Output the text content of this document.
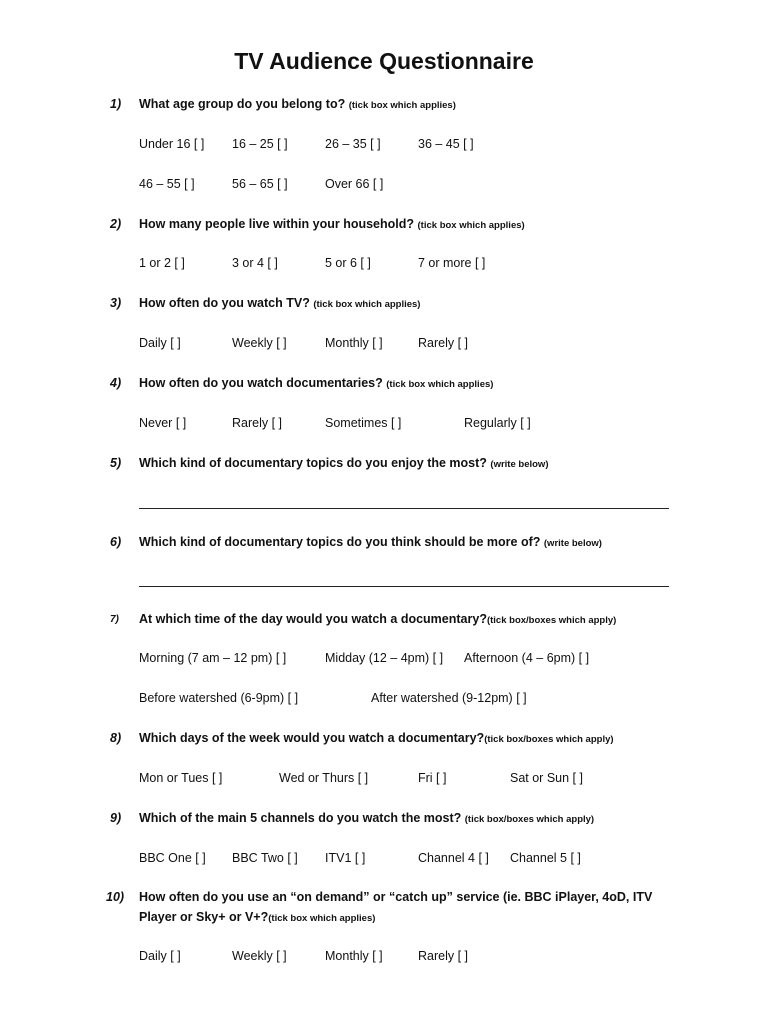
TV Audience Questionnaire
1) What age group do you belong to? (tick box which applies)
Under 16 [ ] 16 – 25 [ ]	26 – 35 [ ]	36 – 45 [ ]
46 – 55 [ ]	56 – 65 [ ]	Over 66 [ ]
2) How many people live within your household? (tick box which applies)
1 or 2 [ ]	3 or 4 [ ]	5 or 6 [ ]	7 or more [ ]
3) How often do you watch TV? (tick box which applies)
Daily [ ]	Weekly [ ]	Monthly [ ]	Rarely [ ]
4) How often do you watch documentaries? (tick box which applies)
Never [ ]	Rarely [ ]	Sometimes [ ]	Regularly [ ]
5) Which kind of documentary topics do you enjoy the most? (write below)
6) Which kind of documentary topics do you think should be more of? (write below)
7) At which time of the day would you watch a documentary?(tick box/boxes which apply)
Morning (7 am – 12 pm) [ ]	Midday (12 – 4pm) [ ] Afternoon (4 – 6pm) [ ]
Before watershed (6-9pm) [ ]	After watershed (9-12pm) [ ]
8) Which days of the week would you watch a documentary?(tick box/boxes which apply)
Mon or Tues [ ]	Wed or Thurs [ ]	Fri [ ]	Sat or Sun [ ]
9) Which of the main 5 channels do you watch the most? (tick box/boxes which apply)
BBC One [ ] BBC Two [ ] ITV1 [ ]	Channel 4 [ ] Channel 5 [ ]
10) How often do you use an “on demand” or “catch up” service (ie. BBC iPlayer, 4oD, ITV
Player or Sky+ or V+?(tick box which applies)
Daily [ ]	Weekly [ ]	Monthly [ ]	Rarely [ ]
